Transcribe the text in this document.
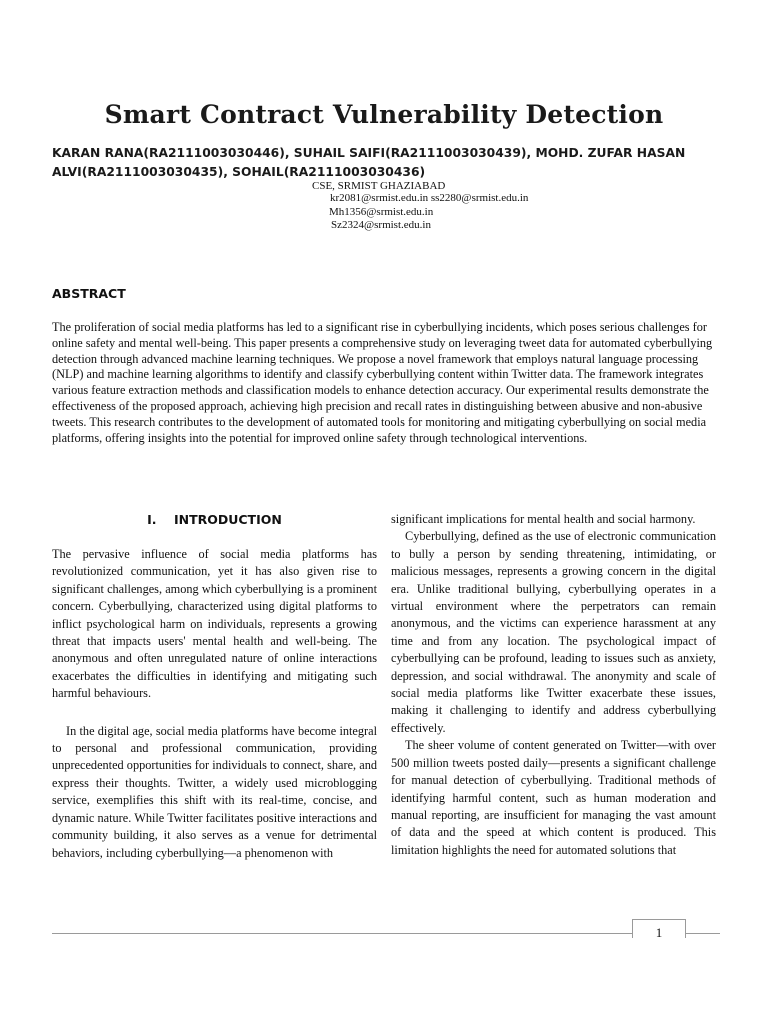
Smart Contract Vulnerability Detection
KARAN RANA(RA2111003030446), SUHAIL SAIFI(RA2111003030439), MOHD. ZUFAR HASAN
ALVI(RA2111003030435), SOHAIL(RA2111003030436)
CSE, SRMIST GHAZIABAD
kr2081@srmist.edu.in ss2280@srmist.edu.in
Mh1356@srmist.edu.in
Sz2324@srmist.edu.in
ABSTRACT
The proliferation of social media platforms has led to a significant rise in cyberbullying incidents, which poses serious challenges for online safety and mental well-being. This paper presents a comprehensive study on leveraging tweet data for automated cyberbullying detection through advanced machine learning techniques. We propose a novel framework that employs natural language processing (NLP) and machine learning algorithms to identify and classify cyberbullying content within Twitter data. The framework integrates various feature extraction methods and classification models to enhance detection accuracy. Our experimental results demonstrate the effectiveness of the proposed approach, achieving high precision and recall rates in distinguishing between abusive and non-abusive tweets. This research contributes to the development of automated tools for monitoring and mitigating cyberbullying on social media platforms, offering insights into the potential for improved online safety through technological interventions.
I.    INTRODUCTION

The pervasive influence of social media platforms has revolutionized communication, yet it has also given rise to significant challenges, among which cyberbullying is a prominent concern. Cyberbullying, characterized using digital platforms to inflict psychological harm on individuals, represents a growing threat that impacts users' mental health and well-being. The anonymous and often unregulated nature of online interactions exacerbates the difficulties in identifying and mitigating such harmful behaviours.

In the digital age, social media platforms have become integral to personal and professional communication, providing unprecedented opportunities for individuals to connect, share, and express their thoughts. Twitter, a widely used microblogging service, exemplifies this shift with its real-time, concise, and dynamic nature. While Twitter facilitates positive interactions and community building, it also serves as a venue for detrimental behaviors, including cyberbullying—a phenomenon with

significant implications for mental health and social harmony.

Cyberbullying, defined as the use of electronic communication to bully a person by sending threatening, intimidating, or malicious messages, represents a growing concern in the digital era. Unlike traditional bullying, cyberbullying operates in a virtual environment where the perpetrators can remain anonymous, and the victims can experience harassment at any time and from any location. The psychological impact of cyberbullying can be profound, leading to issues such as anxiety, depression, and social withdrawal. The anonymity and scale of social media platforms like Twitter exacerbate these issues, making it challenging to identify and address cyberbullying effectively.

The sheer volume of content generated on Twitter—with over 500 million tweets posted daily—presents a significant challenge for manual detection of cyberbullying. Traditional methods of identifying harmful content, such as human moderation and manual reporting, are insufficient for managing the vast amount of data and the speed at which content is produced. This limitation highlights the need for automated solutions that

1
